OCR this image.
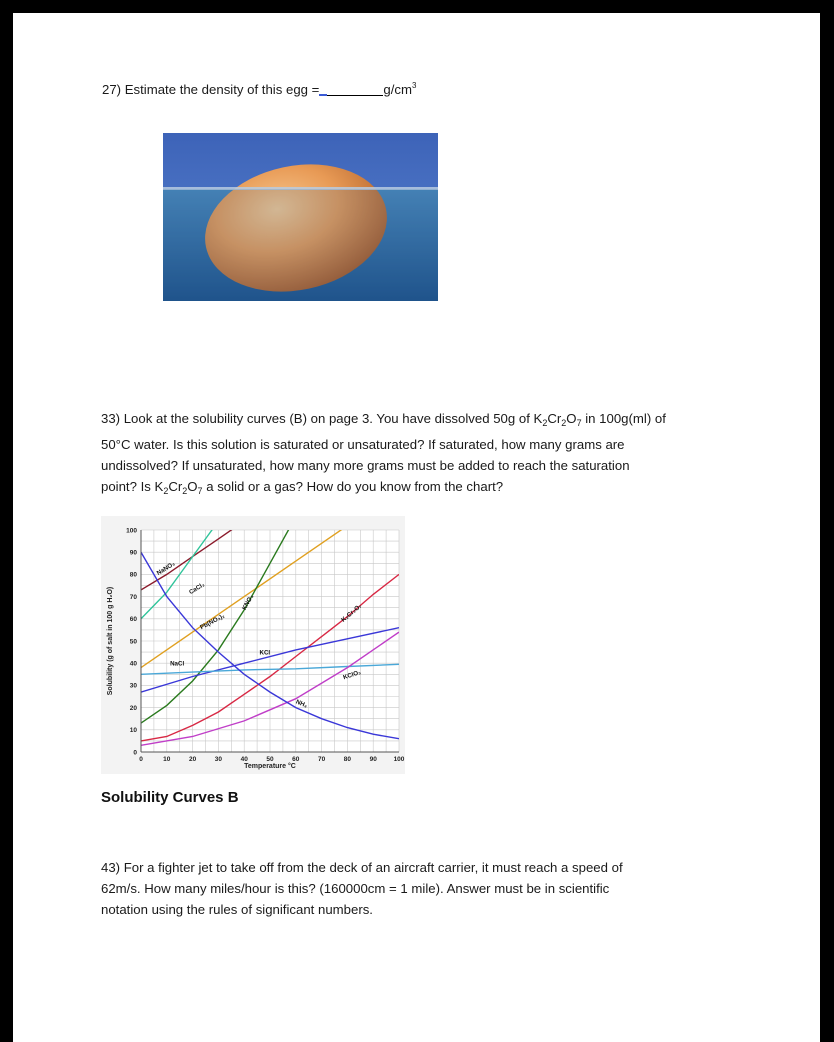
27) Estimate the density of this egg =	$g/cm^3$
33) Look at the solubility curves (B) on page 3. You have dissolved 50g of $K_2Cr_2O_7$ in 100g(ml) of
50°C water. Is this solution is saturated or unsaturated? If saturated, how many grams are
undissolved? If unsaturated, how many more grams must be added to reach the saturation
point? Is $K_2Cr_2O_7$ a solid or a gas? How do you know from the chart?
0	10	20	30	40	50	60	70	80	90	100
0
10
20
30
40
50
60
70
80
90
100
Temperature °C
Solubility (g of salt in 100 g H₂O)
NaNO₃
CaCl₂
Pb(NO₃)₂
KNO₃
K₂Cr₂O₇
KCl
NaCl
KClO₃
NH₃
Solubility Curves B
43) For a fighter jet to take off from the deck of an aircraft carrier, it must reach a speed of
62m/s. How many miles/hour is this? (160000cm = 1 mile). Answer must be in scientific
notation using the rules of significant numbers.
